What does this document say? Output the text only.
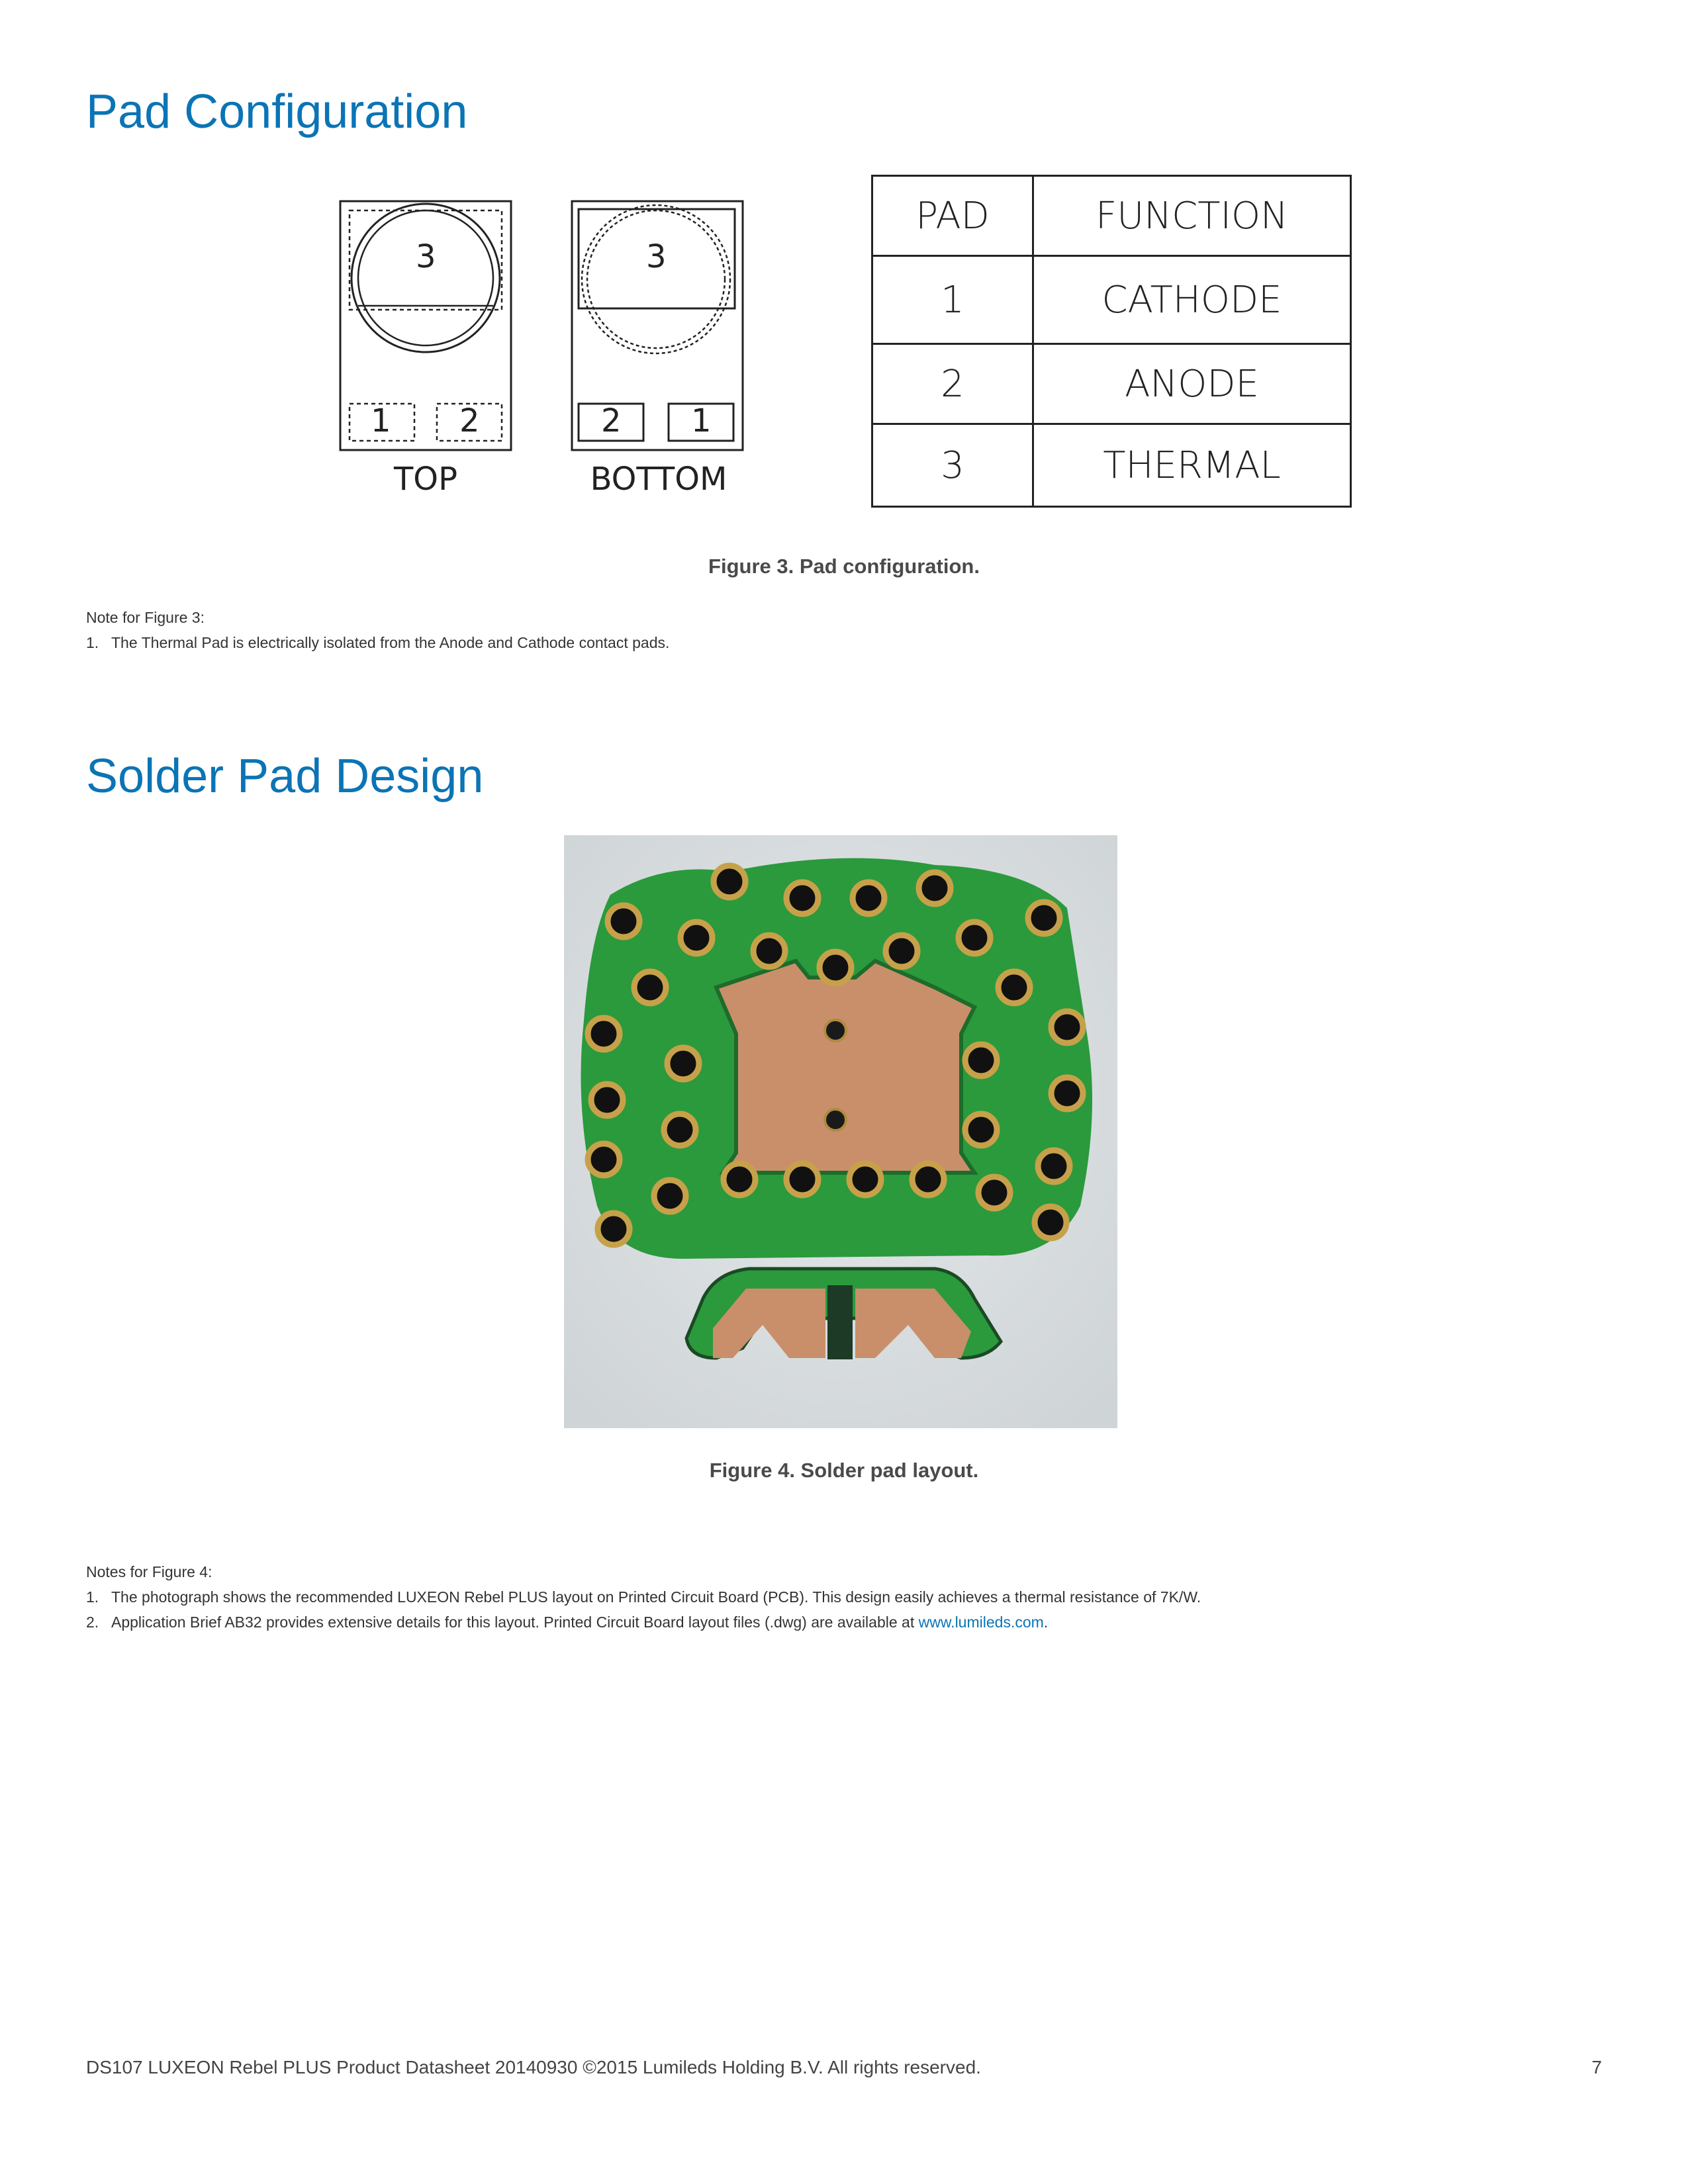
Pad Configuration
3	3
1 2	2 1
TOP	BOTTOM
PAD	FUNCTION
1	CATHODE
2	ANODE
3	THERMAL
Figure 3. Pad configuration.
Note for Figure 3:
1. The Thermal Pad is electrically isolated from the Anode and Cathode contact pads.
Solder Pad Design
Figure 4. Solder pad layout.
Notes for Figure 4:
1. The photograph shows the recommended LUXEON Rebel PLUS layout on Printed Circuit Board (PCB). This design easily achieves a thermal resistance of 7K/W.
2. Application Brief AB32 provides extensive details for this layout. Printed Circuit Board layout files (.dwg) are available at www.lumileds.com.
DS107 LUXEON Rebel PLUS Product Datasheet 20140930 ©2015 Lumileds Holding B.V. All rights reserved.	7
